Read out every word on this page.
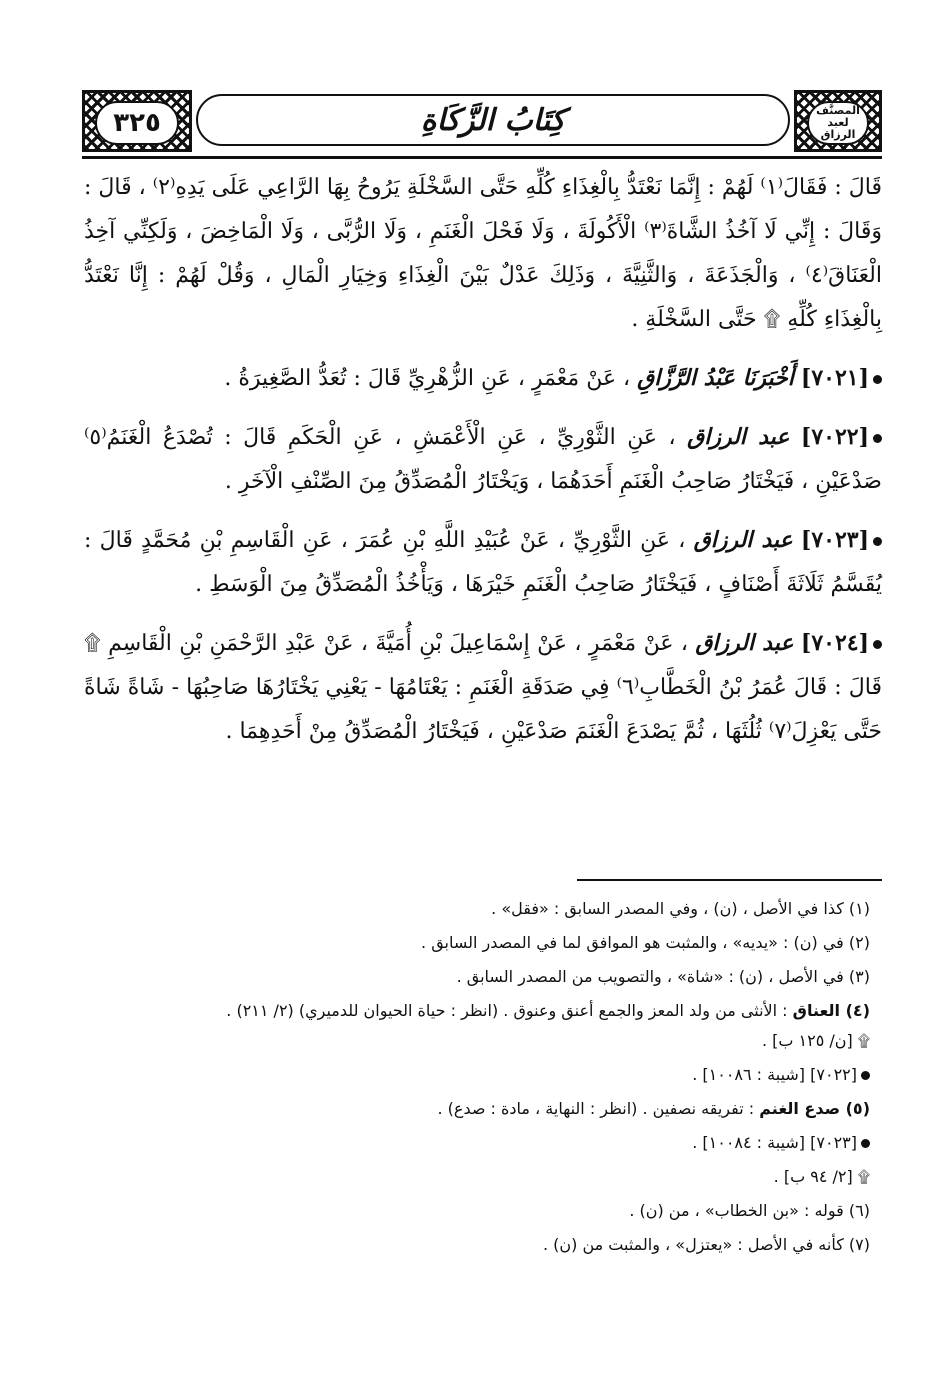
المصنَّف
لعبد الرزاق
كِتَابُ الزَّكَاةِ
٣٢٥

قَالَ : فَقَالَ⁽١⁾ لَهُمْ : إِنَّمَا نَعْتَدُّ بِالْغِذَاءِ كُلِّهِ حَتَّى السَّخْلَةِ يَرُوحُ بِهَا الرَّاعِي عَلَى يَدِهِ⁽٢⁾ ، قَالَ : وَقَالَ : إِنِّي لَا آخُذُ الشَّاةَ⁽٣⁾ الْأَكُولَةَ ، وَلَا فَحْلَ الْغَنَمِ ، وَلَا الرُّبَّى ، وَلَا الْمَاخِضَ ، وَلَكِنِّي آخِذُ الْعَنَاقَ⁽٤⁾ ، وَالْجَذَعَةَ ، وَالثَّنِيَّةَ ، وَذَلِكَ عَدْلٌ بَيْنَ الْغِذَاءِ وَخِيَارِ الْمَالِ ، وَقُلْ لَهُمْ : إِنَّا نَعْتَدُّ بِالْغِذَاءِ كُلِّهِ ۩ حَتَّى السَّخْلَةِ .

[٧٠٢١] أَخْبَرَنَا عَبْدُ الرَّزَّاقِ ، عَنْ مَعْمَرٍ ، عَنِ الزُّهْرِيِّ قَالَ : تُعَدُّ الصَّغِيرَةُ .

[٧٠٢٢] عبد الرزاق ، عَنِ الثَّوْرِيِّ ، عَنِ الْأَعْمَشِ ، عَنِ الْحَكَمِ قَالَ : تُصْدَعُ الْغَنَمُ⁽٥⁾ صَدْعَيْنِ ، فَيَخْتَارُ صَاحِبُ الْغَنَمِ أَحَدَهُمَا ، وَيَخْتَارُ الْمُصَدِّقُ مِنَ الصِّنْفِ الْآخَرِ .

[٧٠٢٣] عبد الرزاق ، عَنِ الثَّوْرِيِّ ، عَنْ عُبَيْدِ اللَّهِ بْنِ عُمَرَ ، عَنِ الْقَاسِمِ بْنِ مُحَمَّدٍ قَالَ : يُقَسَّمُ ثَلَاثَةَ أَصْنَافٍ ، فَيَخْتَارُ صَاحِبُ الْغَنَمِ خَيْرَهَا ، وَيَأْخُذُ الْمُصَدِّقُ مِنَ الْوَسَطِ .

[٧٠٢٤] عبد الرزاق ، عَنْ مَعْمَرٍ ، عَنْ إِسْمَاعِيلَ بْنِ أُمَيَّةَ ، عَنْ عَبْدِ الرَّحْمَنِ بْنِ الْقَاسِمِ ۩ قَالَ : قَالَ عُمَرُ بْنُ الْخَطَّابِ⁽٦⁾ فِي صَدَقَةِ الْغَنَمِ : يَعْتَامُهَا - يَعْنِي يَخْتَارُهَا صَاحِبُهَا - شَاةً شَاةً حَتَّى يَعْزِلَ⁽٧⁾ ثُلُثَهَا ، ثُمَّ يَصْدَعَ الْغَنَمَ صَدْعَيْنِ ، فَيَخْتَارُ الْمُصَدِّقُ مِنْ أَحَدِهِمَا .

(١) كذا في الأصل ، (ن) ، وفي المصدر السابق : «فقل» .
(٢) في (ن) : «يديه» ، والمثبت هو الموافق لما في المصدر السابق .
(٣) في الأصل ، (ن) : «شاة» ، والتصويب من المصدر السابق .
(٤) العناق : الأنثى من ولد المعز والجمع أعنق وعنوق . (انظر : حياة الحيوان للدميري) (٢/ ٢١١) .
۩ [ن/ ١٢٥ ب] .
[٧٠٢٢] [شيبة : ١٠٠٨٦] .
(٥) صدع الغنم : تفريقه نصفين . (انظر : النهاية ، مادة : صدع) .
[٧٠٢٣] [شيبة : ١٠٠٨٤] .
۩ [٢/ ٩٤ ب] .
(٦) قوله : «بن الخطاب» ، من (ن) .
(٧) كأنه في الأصل : «يعتزل» ، والمثبت من (ن) .
